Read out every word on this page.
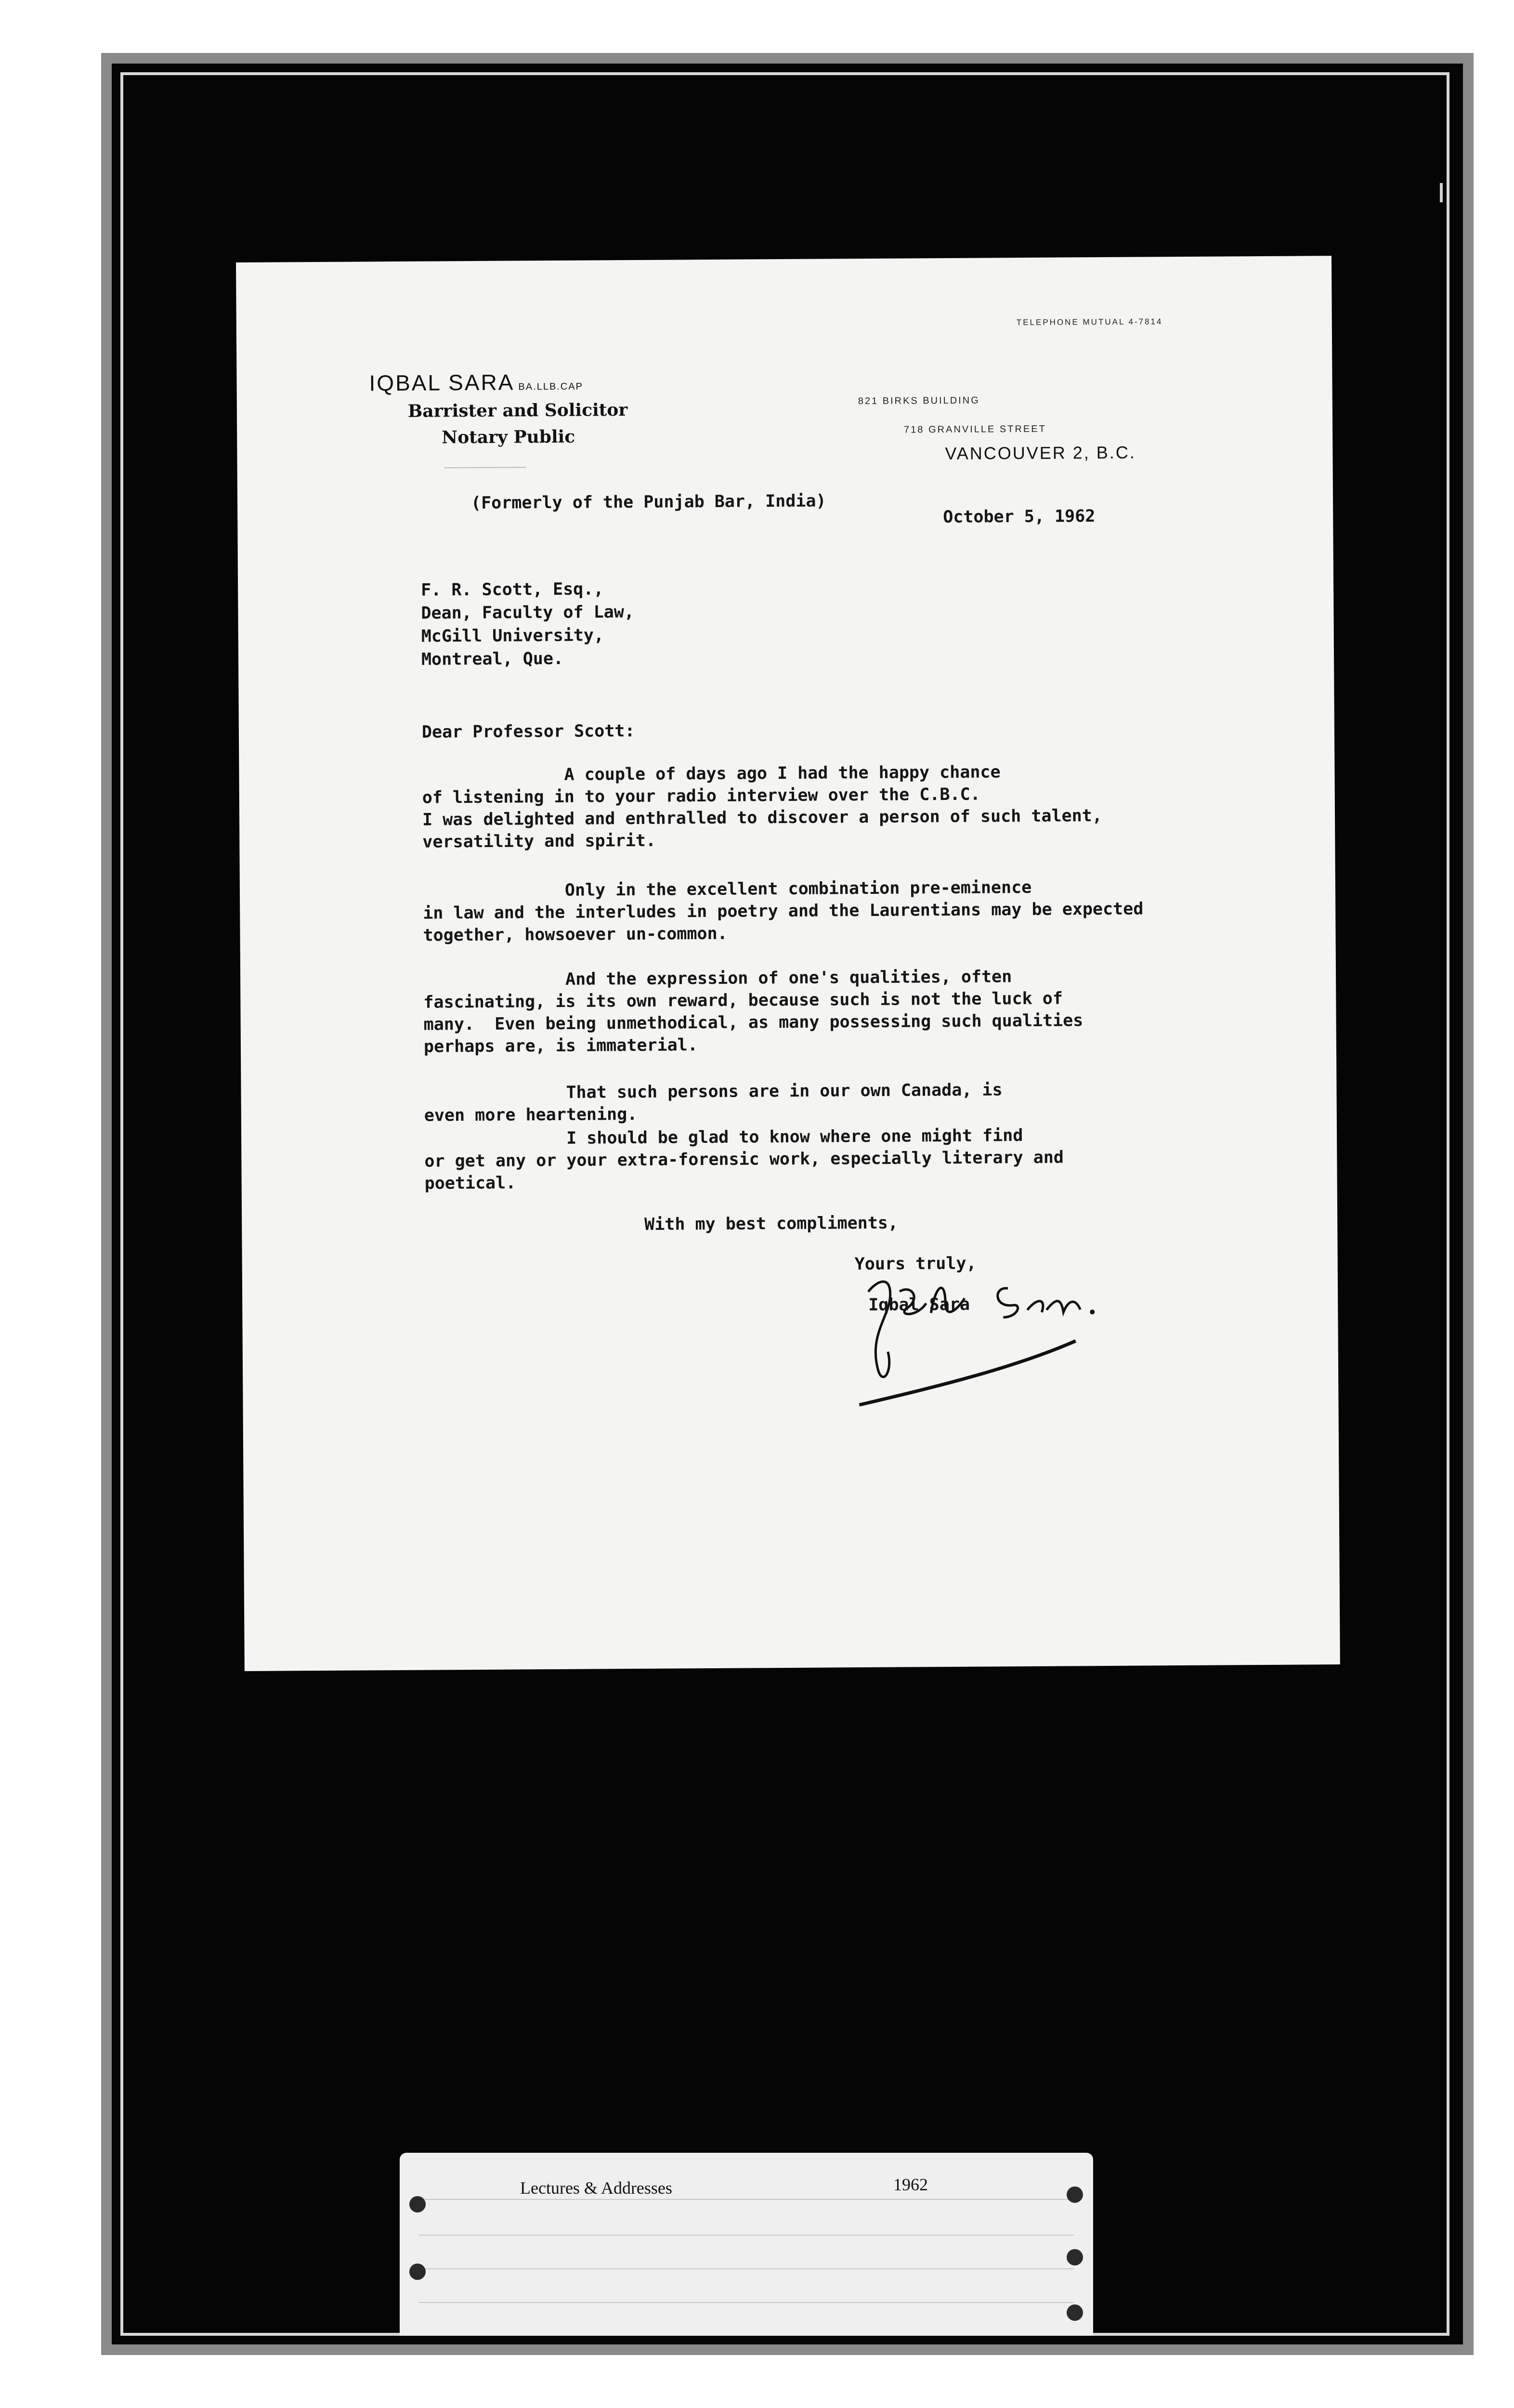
TELEPHONE MUTUAL 4-7814
IQBAL SARA BA.LLB.CAP
Barrister and Solicitor
Notary Public
821 BIRKS BUILDING
718 GRANVILLE STREET
VANCOUVER 2, B.C.
(Formerly of the Punjab Bar, India)
October 5, 1962
F. R. Scott, Esq.,
Dean, Faculty of Law,
McGill University,
Montreal, Que.
Dear Professor Scott:
A couple of days ago I had the happy chance
of listening in to your radio interview over the C.B.C.
I was delighted and enthralled to discover a person of such talent,
versatility and spirit.
Only in the excellent combination pre-eminence
in law and the interludes in poetry and the Laurentians may be expected
together, howsoever un-common.
And the expression of one's qualities, often
fascinating, is its own reward, because such is not the luck of
many.  Even being unmethodical, as many possessing such qualities
perhaps are, is immaterial.
That such persons are in our own Canada, is
even more heartening.
I should be glad to know where one might find
or get any or your extra-forensic work, especially literary and
poetical.
With my best compliments,
Yours truly,
Iqbal Sara
Lectures & Addresses	1962
